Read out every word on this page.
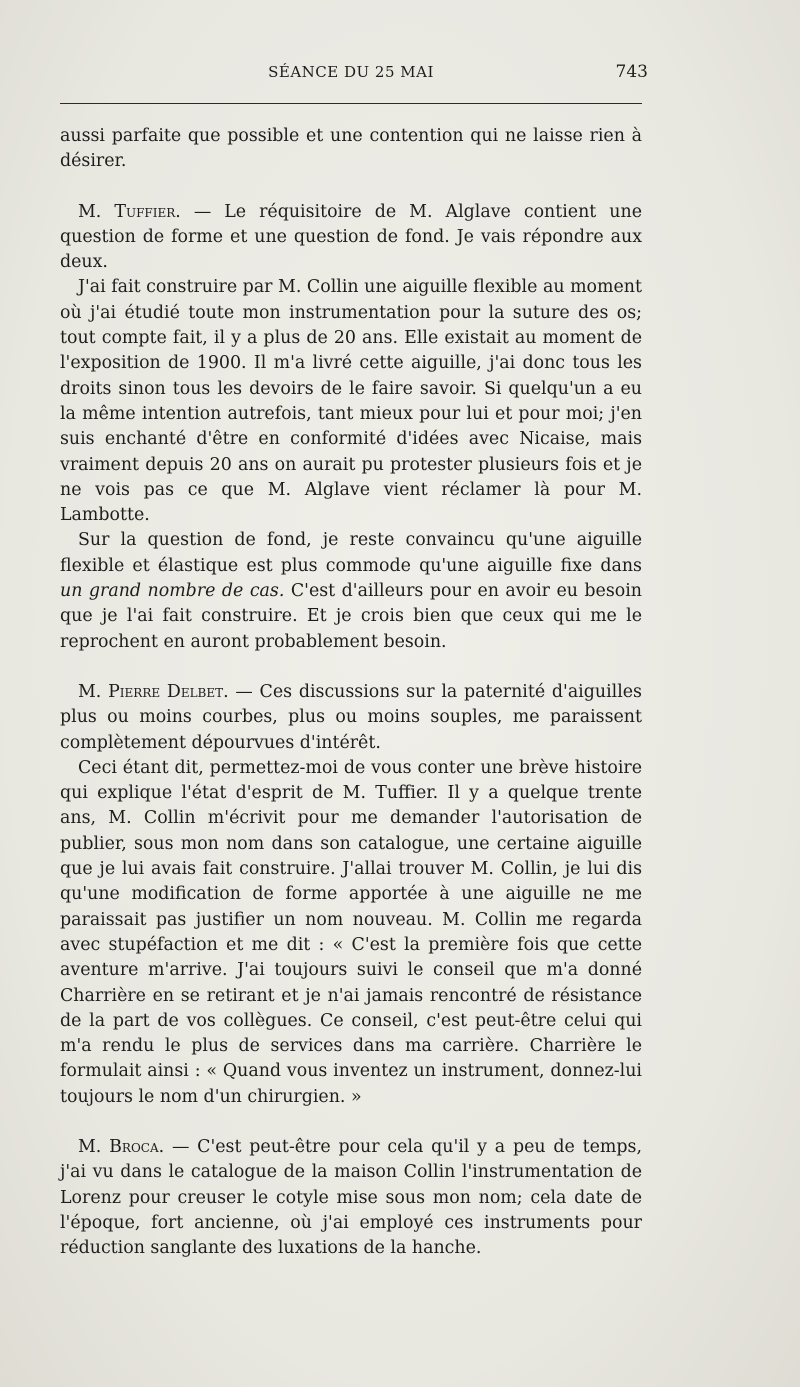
SÉANCE DU 25 MAI	743

aussi parfaite que possible et une contention qui ne laisse rien à désirer.

M. Tuffier. — Le réquisitoire de M. Alglave contient une question de forme et une question de fond. Je vais répondre aux deux.

J'ai fait construire par M. Collin une aiguille flexible au moment où j'ai étudié toute mon instrumentation pour la suture des os; tout compte fait, il y a plus de 20 ans. Elle existait au moment de l'exposition de 1900. Il m'a livré cette aiguille, j'ai donc tous les droits sinon tous les devoirs de le faire savoir. Si quelqu'un a eu la même intention autrefois, tant mieux pour lui et pour moi; j'en suis enchanté d'être en conformité d'idées avec Nicaise, mais vraiment depuis 20 ans on aurait pu protester plusieurs fois et je ne vois pas ce que M. Alglave vient réclamer là pour M. Lambotte.

Sur la question de fond, je reste convaincu qu'une aiguille flexible et élastique est plus commode qu'une aiguille fixe dans un grand nombre de cas. C'est d'ailleurs pour en avoir eu besoin que je l'ai fait construire. Et je crois bien que ceux qui me le reprochent en auront probablement besoin.

M. Pierre Delbet. — Ces discussions sur la paternité d'aiguilles plus ou moins courbes, plus ou moins souples, me paraissent complètement dépourvues d'intérêt.

Ceci étant dit, permettez-moi de vous conter une brève histoire qui explique l'état d'esprit de M. Tuffier. Il y a quelque trente ans, M. Collin m'écrivit pour me demander l'autorisation de publier, sous mon nom dans son catalogue, une certaine aiguille que je lui avais fait construire. J'allai trouver M. Collin, je lui dis qu'une modification de forme apportée à une aiguille ne me paraissait pas justifier un nom nouveau. M. Collin me regarda avec stupéfaction et me dit : « C'est la première fois que cette aventure m'arrive. J'ai toujours suivi le conseil que m'a donné Charrière en se retirant et je n'ai jamais rencontré de résistance de la part de vos collègues. Ce conseil, c'est peut-être celui qui m'a rendu le plus de services dans ma carrière. Charrière le formulait ainsi : « Quand vous inventez un instrument, donnez-lui toujours le nom d'un chirurgien. »

M. Broca. — C'est peut-être pour cela qu'il y a peu de temps, j'ai vu dans le catalogue de la maison Collin l'instrumentation de Lorenz pour creuser le cotyle mise sous mon nom; cela date de l'époque, fort ancienne, où j'ai employé ces instruments pour réduction sanglante des luxations de la hanche.
